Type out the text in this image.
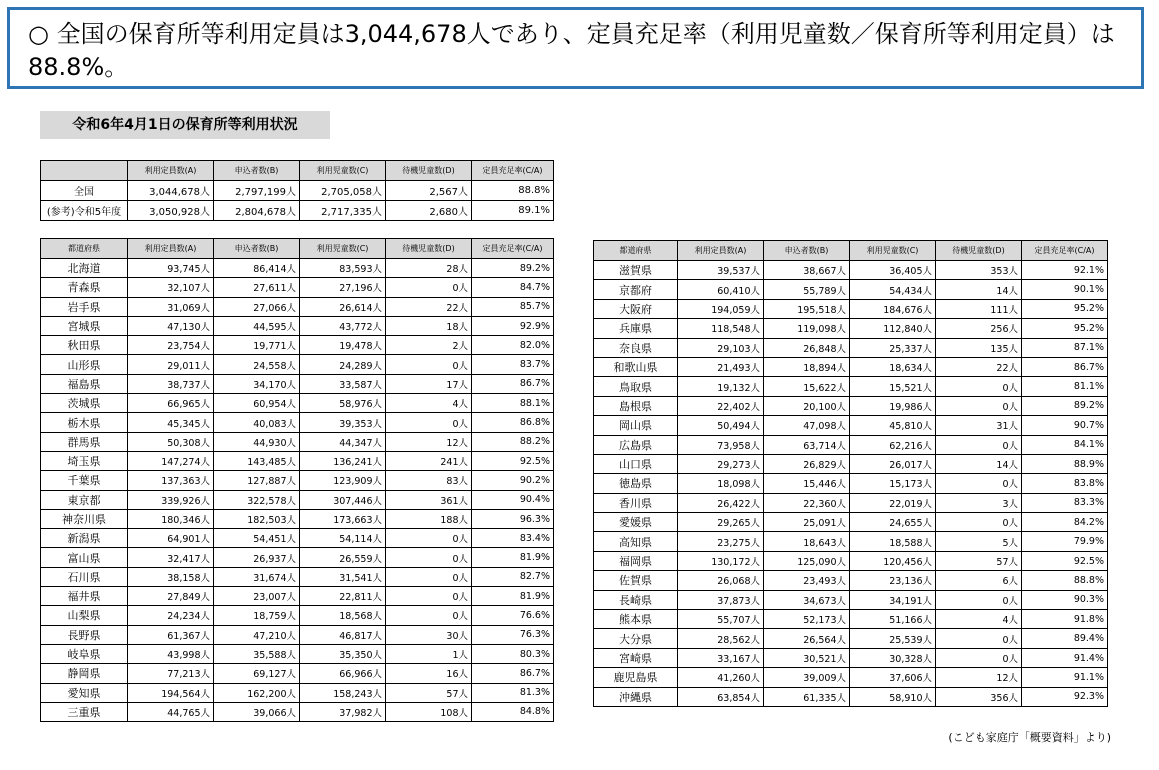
○ 全国の保育所等利用定員は3,044,678人であり、定員充足率（利用児童数／保育所等利用定員）は88.8%。
令和6年4月1日の保育所等利用状況
	利用定員数(A)	申込者数(B)	利用児童数(C)	待機児童数(D)	定員充足率(C/A)
全国	3,044,678人	2,797,199人	2,705,058人	2,567人	88.8%
(参考)令和5年度	3,050,928人	2,804,678人	2,717,335人	2,680人	89.1%
都道府県	利用定員数(A)	申込者数(B)	利用児童数(C)	待機児童数(D)	定員充足率(C/A)
北海道	93,745人	86,414人	83,593人	28人	89.2%
青森県	32,107人	27,611人	27,196人	0人	84.7%
岩手県	31,069人	27,066人	26,614人	22人	85.7%
宮城県	47,130人	44,595人	43,772人	18人	92.9%
秋田県	23,754人	19,771人	19,478人	2人	82.0%
山形県	29,011人	24,558人	24,289人	0人	83.7%
福島県	38,737人	34,170人	33,587人	17人	86.7%
茨城県	66,965人	60,954人	58,976人	4人	88.1%
栃木県	45,345人	40,083人	39,353人	0人	86.8%
群馬県	50,308人	44,930人	44,347人	12人	88.2%
埼玉県	147,274人	143,485人	136,241人	241人	92.5%
千葉県	137,363人	127,887人	123,909人	83人	90.2%
東京都	339,926人	322,578人	307,446人	361人	90.4%
神奈川県	180,346人	182,503人	173,663人	188人	96.3%
新潟県	64,901人	54,451人	54,114人	0人	83.4%
富山県	32,417人	26,937人	26,559人	0人	81.9%
石川県	38,158人	31,674人	31,541人	0人	82.7%
福井県	27,849人	23,007人	22,811人	0人	81.9%
山梨県	24,234人	18,759人	18,568人	0人	76.6%
長野県	61,367人	47,210人	46,817人	30人	76.3%
岐阜県	43,998人	35,588人	35,350人	1人	80.3%
静岡県	77,213人	69,127人	66,966人	16人	86.7%
愛知県	194,564人	162,200人	158,243人	57人	81.3%
三重県	44,765人	39,066人	37,982人	108人	84.8%
都道府県	利用定員数(A)	申込者数(B)	利用児童数(C)	待機児童数(D)	定員充足率(C/A)
滋賀県	39,537人	38,667人	36,405人	353人	92.1%
京都府	60,410人	55,789人	54,434人	14人	90.1%
大阪府	194,059人	195,518人	184,676人	111人	95.2%
兵庫県	118,548人	119,098人	112,840人	256人	95.2%
奈良県	29,103人	26,848人	25,337人	135人	87.1%
和歌山県	21,493人	18,894人	18,634人	22人	86.7%
鳥取県	19,132人	15,622人	15,521人	0人	81.1%
島根県	22,402人	20,100人	19,986人	0人	89.2%
岡山県	50,494人	47,098人	45,810人	31人	90.7%
広島県	73,958人	63,714人	62,216人	0人	84.1%
山口県	29,273人	26,829人	26,017人	14人	88.9%
徳島県	18,098人	15,446人	15,173人	0人	83.8%
香川県	26,422人	22,360人	22,019人	3人	83.3%
愛媛県	29,265人	25,091人	24,655人	0人	84.2%
高知県	23,275人	18,643人	18,588人	5人	79.9%
福岡県	130,172人	125,090人	120,456人	57人	92.5%
佐賀県	26,068人	23,493人	23,136人	6人	88.8%
長崎県	37,873人	34,673人	34,191人	0人	90.3%
熊本県	55,707人	52,173人	51,166人	4人	91.8%
大分県	28,562人	26,564人	25,539人	0人	89.4%
宮崎県	33,167人	30,521人	30,328人	0人	91.4%
鹿児島県	41,260人	39,009人	37,606人	12人	91.1%
沖縄県	63,854人	61,335人	58,910人	356人	92.3%
(こども家庭庁「概要資料」より)
